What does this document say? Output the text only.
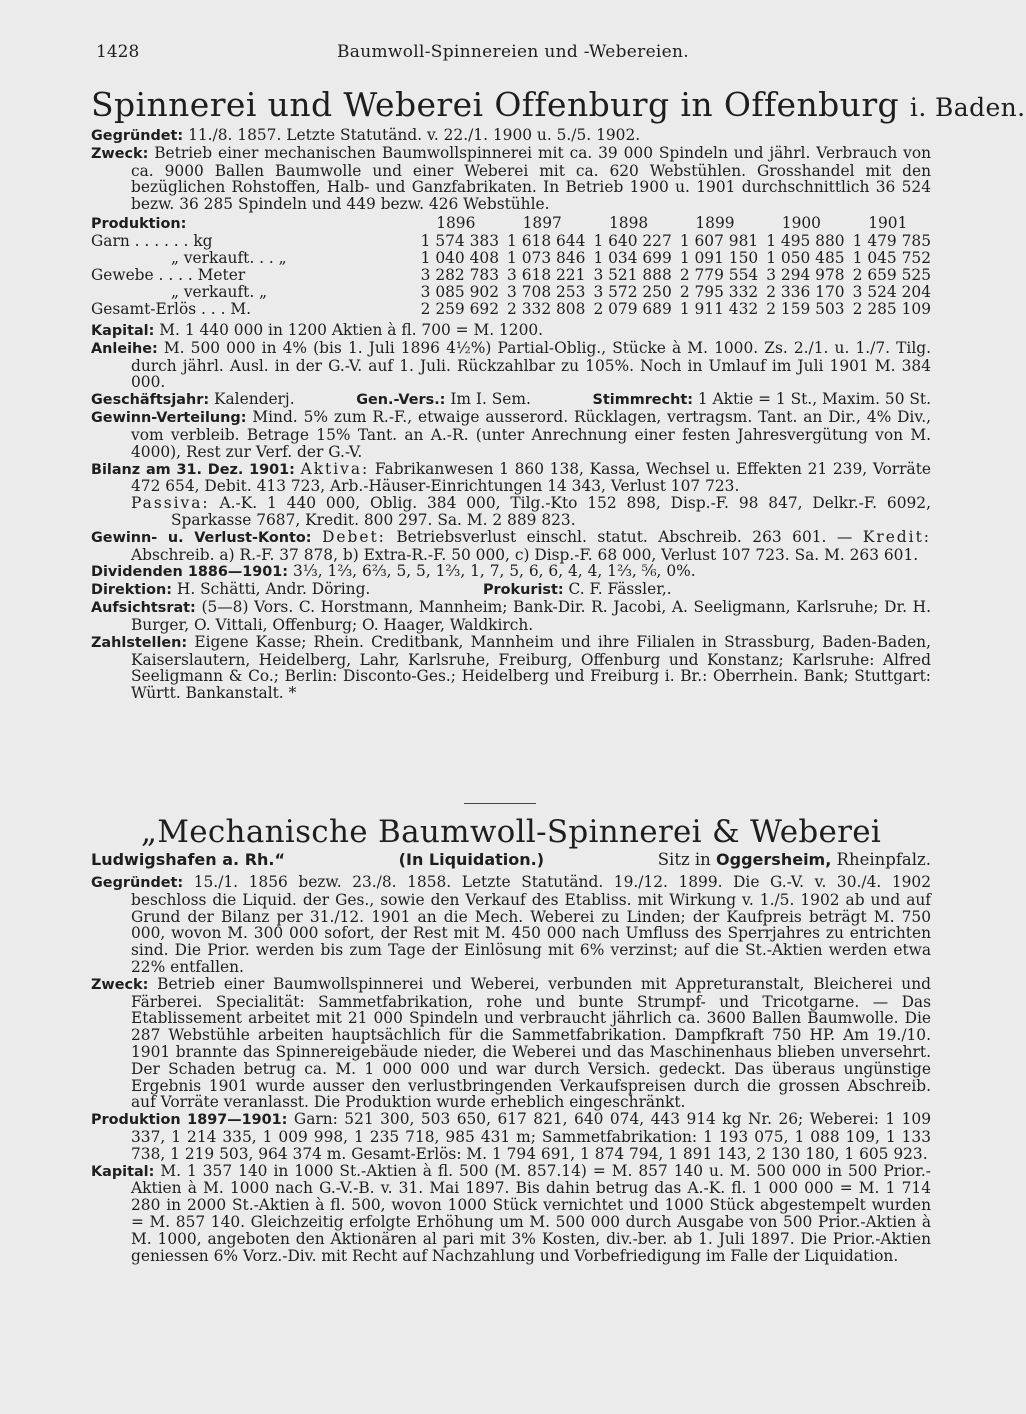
1428	Baumwoll-Spinnereien und -Webereien.
Spinnerei und Weberei Offenburg in Offenburg i. Baden.

Gegründet: 11./8. 1857. Letzte Statutänd. v. 22./1. 1900 u. 5./5. 1902.

Zweck: Betrieb einer mechanischen Baumwollspinnerei mit ca. 39 000 Spindeln und jährl. Verbrauch von ca. 9000 Ballen Baumwolle und einer Weberei mit ca. 620 Webstühlen. Grosshandel mit den bezüglichen Rohstoffen, Halb- und Ganzfabrikaten. In Betrieb 1900 u. 1901 durchschnittlich 36 524 bezw. 36 285 Spindeln und 449 bezw. 426 Webstühle.

Produktion:	1896	1897	1898	1899	1900	1901
Garn . . . . . . kg	1 574 383	1 618 644	1 640 227	1 607 981	1 495 880	1 479 785
„ verkauft. . . „	1 040 408	1 073 846	1 034 699	1 091 150	1 050 485	1 045 752
Gewebe . . . . Meter	3 282 783	3 618 221	3 521 888	2 779 554	3 294 978	2 659 525
„ verkauft. „	3 085 902	3 708 253	3 572 250	2 795 332	2 336 170	3 524 204
Gesamt-Erlös . . . M.	2 259 692	2 332 808	2 079 689	1 911 432	2 159 503	2 285 109

Kapital: M. 1 440 000 in 1200 Aktien à fl. 700 = M. 1200.

Anleihe: M. 500 000 in 4% (bis 1. Juli 1896 4½%) Partial-Oblig., Stücke à M. 1000. Zs. 2./1. u. 1./7. Tilg. durch jährl. Ausl. in der G.-V. auf 1. Juli. Rückzahlbar zu 105%. Noch in Umlauf im Juli 1901 M. 384 000.

Geschäftsjahr: Kalenderj.	Gen.-Vers.: Im I. Sem.	Stimmrecht: 1 Aktie = 1 St., Maxim. 50 St.

Gewinn-Verteilung: Mind. 5% zum R.-F., etwaige ausserord. Rücklagen, vertragsm. Tant. an Dir., 4% Div., vom verbleib. Betrage 15% Tant. an A.-R. (unter Anrechnung einer festen Jahresvergütung von M. 4000), Rest zur Verf. der G.-V.

Bilanz am 31. Dez. 1901: Aktiva: Fabrikanwesen 1 860 138, Kassa, Wechsel u. Effekten 21 239, Vorräte 472 654, Debit. 413 723, Arb.-Häuser-Einrichtungen 14 343, Verlust 107 723.
Passiva: A.-K. 1 440 000, Oblig. 384 000, Tilg.-Kto 152 898, Disp.-F. 98 847, Delkr.-F. 6092, Sparkasse 7687, Kredit. 800 297. Sa. M. 2 889 823.

Gewinn- u. Verlust-Konto: Debet: Betriebsverlust einschl. statut. Abschreib. 263 601. — Kredit: Abschreib. a) R.-F. 37 878, b) Extra-R.-F. 50 000, c) Disp.-F. 68 000, Verlust 107 723. Sa. M. 263 601.

Dividenden 1886—1901: 3⅓, 1⅔, 6⅔, 5, 5, 1⅔, 1, 7, 5, 6, 6, 4, 4, 1⅔, ⅚, 0%.

Direktion: H. Schätti, Andr. Döring.	Prokurist: C. F. Fässler,.

Aufsichtsrat: (5—8) Vors. C. Horstmann, Mannheim; Bank-Dir. R. Jacobi, A. Seeligmann, Karlsruhe; Dr. H. Burger, O. Vittali, Offenburg; O. Haager, Waldkirch.

Zahlstellen: Eigene Kasse; Rhein. Creditbank, Mannheim und ihre Filialen in Strassburg, Baden-Baden, Kaiserslautern, Heidelberg, Lahr, Karlsruhe, Freiburg, Offenburg und Konstanz; Karlsruhe: Alfred Seeligmann & Co.; Berlin: Disconto-Ges.; Heidelberg und Freiburg i. Br.: Oberrhein. Bank; Stuttgart: Württ. Bankanstalt. *

„Mechanische Baumwoll-Spinnerei & Weberei
Ludwigshafen a. Rh.“	(In Liquidation.)	Sitz in Oggersheim, Rheinpfalz.

Gegründet: 15./1. 1856 bezw. 23./8. 1858. Letzte Statutänd. 19./12. 1899. Die G.-V. v. 30./4. 1902 beschloss die Liquid. der Ges., sowie den Verkauf des Etabliss. mit Wirkung v. 1./5. 1902 ab und auf Grund der Bilanz per 31./12. 1901 an die Mech. Weberei zu Linden; der Kaufpreis beträgt M. 750 000, wovon M. 300 000 sofort, der Rest mit M. 450 000 nach Umfluss des Sperrjahres zu entrichten sind. Die Prior. werden bis zum Tage der Einlösung mit 6% verzinst; auf die St.-Aktien werden etwa 22% entfallen.

Zweck: Betrieb einer Baumwollspinnerei und Weberei, verbunden mit Appreturanstalt, Bleicherei und Färberei. Specialität: Sammetfabrikation, rohe und bunte Strumpf- und Tricotgarne. — Das Etablissement arbeitet mit 21 000 Spindeln und verbraucht jährlich ca. 3600 Ballen Baumwolle. Die 287 Webstühle arbeiten hauptsächlich für die Sammetfabrikation. Dampfkraft 750 HP. Am 19./10. 1901 brannte das Spinnereigebäude nieder, die Weberei und das Maschinenhaus blieben unversehrt. Der Schaden betrug ca. M. 1 000 000 und war durch Versich. gedeckt. Das überaus ungünstige Ergebnis 1901 wurde ausser den verlustbringenden Verkaufspreisen durch die grossen Abschreib. auf Vorräte veranlasst. Die Produktion wurde erheblich eingeschränkt.

Produktion 1897—1901: Garn: 521 300, 503 650, 617 821, 640 074, 443 914 kg Nr. 26; Weberei: 1 109 337, 1 214 335, 1 009 998, 1 235 718, 985 431 m; Sammetfabrikation: 1 193 075, 1 088 109, 1 133 738, 1 219 503, 964 374 m. Gesamt-Erlös: M. 1 794 691, 1 874 794, 1 891 143, 2 130 180, 1 605 923.

Kapital: M. 1 357 140 in 1000 St.-Aktien à fl. 500 (M. 857.14) = M. 857 140 u. M. 500 000 in 500 Prior.-Aktien à M. 1000 nach G.-V.-B. v. 31. Mai 1897. Bis dahin betrug das A.-K. fl. 1 000 000 = M. 1 714 280 in 2000 St.-Aktien à fl. 500, wovon 1000 Stück vernichtet und 1000 Stück abgestempelt wurden = M. 857 140. Gleichzeitig erfolgte Erhöhung um M. 500 000 durch Ausgabe von 500 Prior.-Aktien à M. 1000, angeboten den Aktionären al pari mit 3% Kosten, div.-ber. ab 1. Juli 1897. Die Prior.-Aktien geniessen 6% Vorz.-Div. mit Recht auf Nachzahlung und Vorbefriedigung im Falle der Liquidation.
